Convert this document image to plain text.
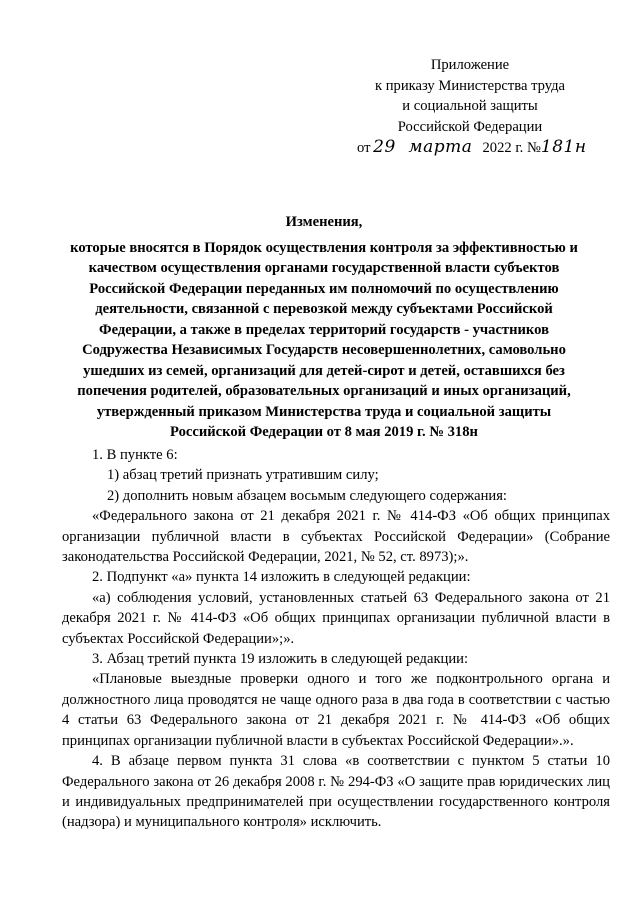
Приложение
к приказу Министерства труда
и социальной защиты
Российской Федерации
от 29 марта 2022 г. №181н
Изменения,
которые вносятся в Порядок осуществления контроля за эффективностью и качеством осуществления органами государственной власти субъектов Российской Федерации переданных им полномочий по осуществлению деятельности, связанной с перевозкой между субъектами Российской Федерации, а также в пределах территорий государств - участников Содружества Независимых Государств несовершеннолетних, самовольно ушедших из семей, организаций для детей-сирот и детей, оставшихся без попечения родителей, образовательных организаций и иных организаций, утвержденный приказом Министерства труда и социальной защиты Российской Федерации от 8 мая 2019 г. № 318н
1. В пункте 6:
1) абзац третий признать утратившим силу;
2) дополнить новым абзацем восьмым следующего содержания:
«Федерального закона от 21 декабря 2021 г. № 414-ФЗ «Об общих принципах организации публичной власти в субъектах Российской Федерации» (Собрание законодательства Российской Федерации, 2021, № 52, ст. 8973);».
2. Подпункт «а» пункта 14 изложить в следующей редакции:
«а) соблюдения условий, установленных статьей 63 Федерального закона от 21 декабря 2021 г. № 414-ФЗ «Об общих принципах организации публичной власти в субъектах Российской Федерации»;».
3. Абзац третий пункта 19 изложить в следующей редакции:
«Плановые выездные проверки одного и того же подконтрольного органа и должностного лица проводятся не чаще одного раза в два года в соответствии с частью 4 статьи 63 Федерального закона от 21 декабря 2021 г. № 414-ФЗ «Об общих принципах организации публичной власти в субъектах Российской Федерации».».
4. В абзаце первом пункта 31 слова «в соответствии с пунктом 5 статьи 10 Федерального закона от 26 декабря 2008 г. № 294-ФЗ «О защите прав юридических лиц и индивидуальных предпринимателей при осуществлении государственного контроля (надзора) и муниципального контроля» исключить.
